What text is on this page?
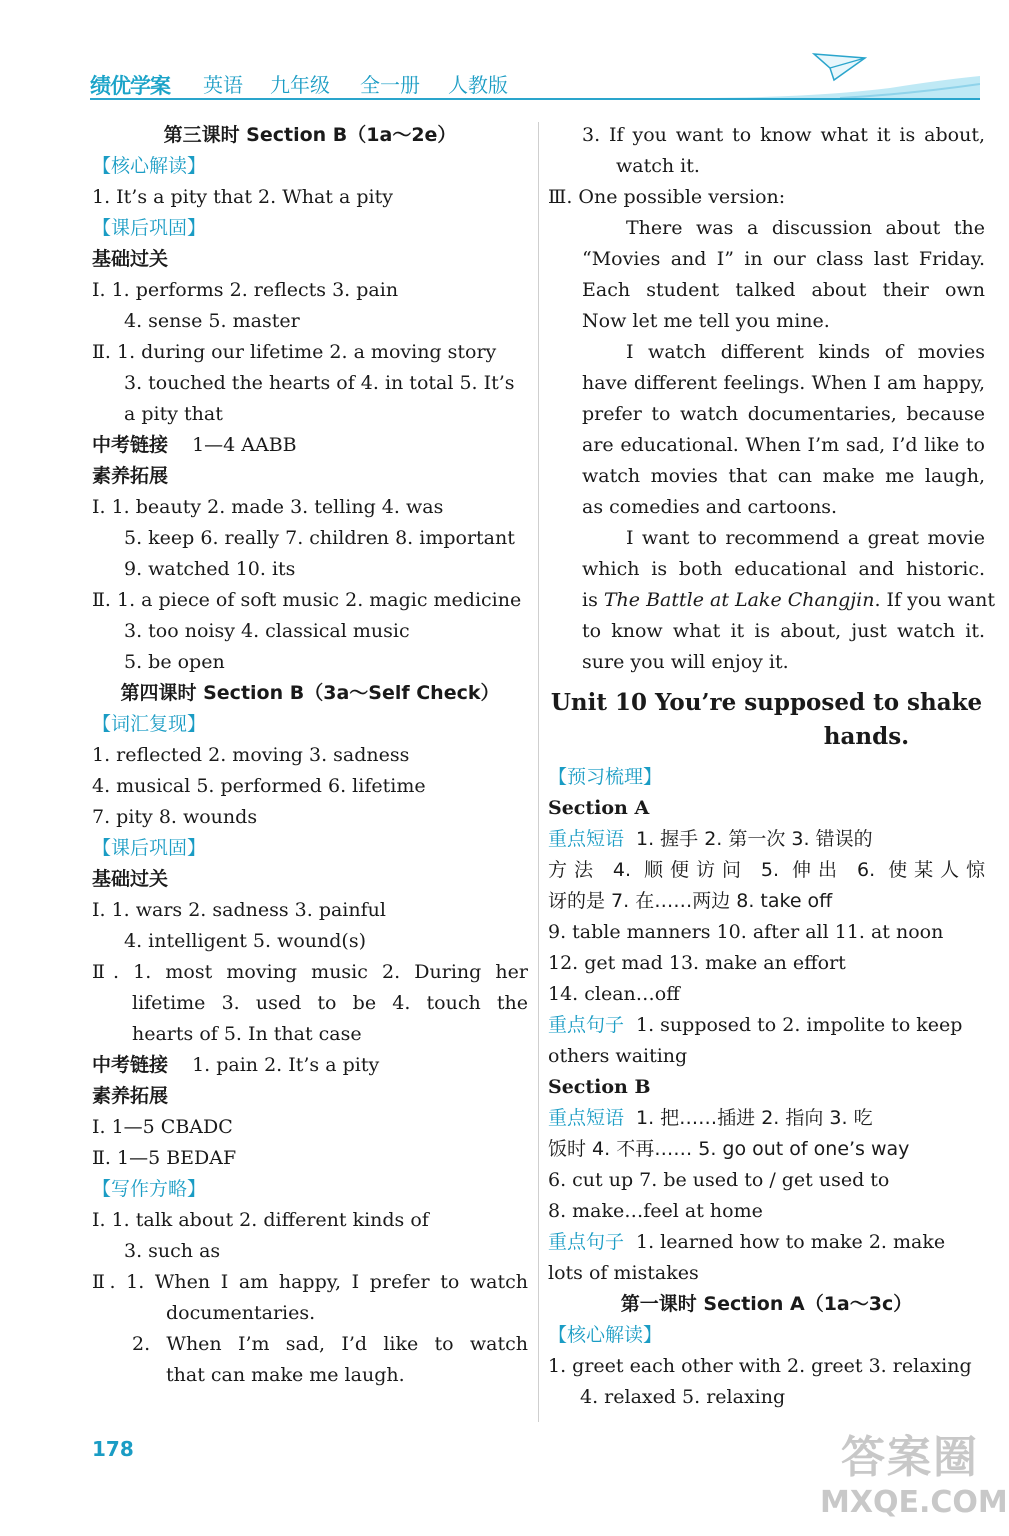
绩优学案 英语 九年级 全一册 人教版
第三课时 Section B（1a～2e）
【核心解读】
1. It’s a pity that 2. What a pity
【课后巩固】
基础过关
Ⅰ. 1. performs 2. reflects 3. pain
4. sense 5. master
Ⅱ. 1. during our lifetime 2. a moving story
3. touched the hearts of 4. in total 5. It’s
a pity that
中考链接 1—4 AABB
素养拓展
Ⅰ. 1. beauty 2. made 3. telling 4. was
5. keep 6. really 7. children 8. important
9. watched 10. its
Ⅱ. 1. a piece of soft music 2. magic medicine
3. too noisy 4. classical music
5. be open
第四课时 Section B（3a～Self Check）
【词汇复现】
1. reflected 2. moving 3. sadness
4. musical 5. performed 6. lifetime
7. pity 8. wounds
【课后巩固】
基础过关
Ⅰ. 1. wars 2. sadness 3. painful
4. intelligent 5. wound(s)
Ⅱ. 1. most moving music 2. During her
lifetime 3. used to be 4. touch the
hearts of 5. In that case
中考链接 1. pain 2. It’s a pity
素养拓展
Ⅰ. 1—5 CBADC
Ⅱ. 1—5 BEDAF
【写作方略】
Ⅰ. 1. talk about 2. different kinds of
3. such as
Ⅱ. 1. When I am happy, I prefer to watch
documentaries.
2. When I’m sad, I’d like to watch
that can make me laugh.
3. If you want to know what it is about,
watch it.
Ⅲ. One possible version:
There was a discussion about the
“Movies and I” in our class last Friday.
Each student talked about their own
Now let me tell you mine.
I watch different kinds of movies
have different feelings. When I am happy,
prefer to watch documentaries, because
are educational. When I’m sad, I’d like to
watch movies that can make me laugh,
as comedies and cartoons.
I want to recommend a great movie
which is both educational and historic.
is The Battle at Lake Changjin. If you want
to know what it is about, just watch it.
sure you will enjoy it.
Unit 10 You’re supposed to shake
hands.
【预习梳理】
Section A
重点短语 1. 握手 2. 第一次 3. 错误的
方法 4. 顺便访问 5. 伸出 6. 使某人惊
讶的是 7. 在……两边 8. take off
9. table manners 10. after all 11. at noon
12. get mad 13. make an effort
14. clean…off
重点句子 1. supposed to 2. impolite to keep
others waiting
Section B
重点短语 1. 把……插进 2. 指向 3. 吃
饭时 4. 不再…… 5. go out of one’s way
6. cut up 7. be used to / get used to
8. make…feel at home
重点句子 1. learned how to make 2. make
lots of mistakes
第一课时 Section A（1a～3c）
【核心解读】
1. greet each other with 2. greet 3. relaxing
4. relaxed 5. relaxing
178	答案圈
MXQE.COM
